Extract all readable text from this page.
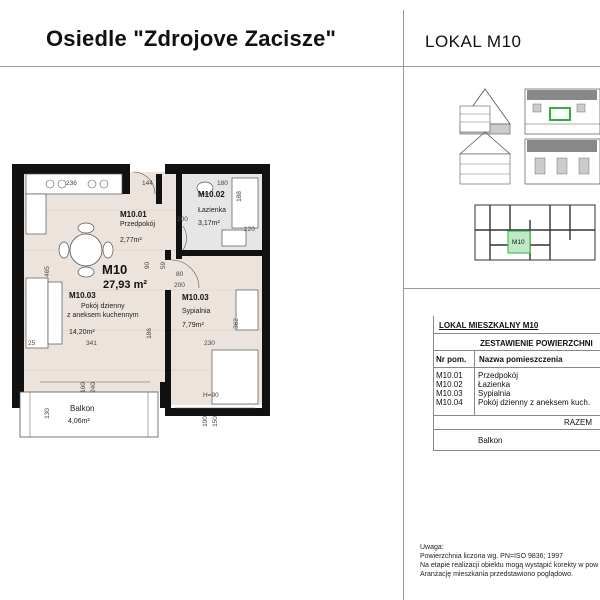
Osiedle "Zdrojove Zacisze"	LOKAL M10
M10.01
Przedpokój
2,77m²
M10.02
Łazienka
3,17m²
M10
27,93 m²
M10.03
Pokój dzienny
z aneksem kuchennym
14,20m²
M10.03
Sypialnia
7,79m²
Balkon
4,06m²
236	144	180
188
200
120
465
90 59
80
200
362
25	341
186
230
160 240
130
H=90
100 150
M10
LOKAL MIESZKALNY M10
ZESTAWIENIE POWIERZCHNI
Nr pom. Nazwa pomieszczenia
M10.01 Przedpokój
M10.02 Łazienka
M10.03 Sypialnia
M10.04 Pokój dzienny z aneksem kuch.
RAZEM
Balkon
Uwaga:
Powierzchnia liczona wg. PN=ISO 9836; 1997
Na etapie realizacji obiektu mogą wystąpić korekty w pow
Aranżację mieszkania przedstawiono poglądowo.
